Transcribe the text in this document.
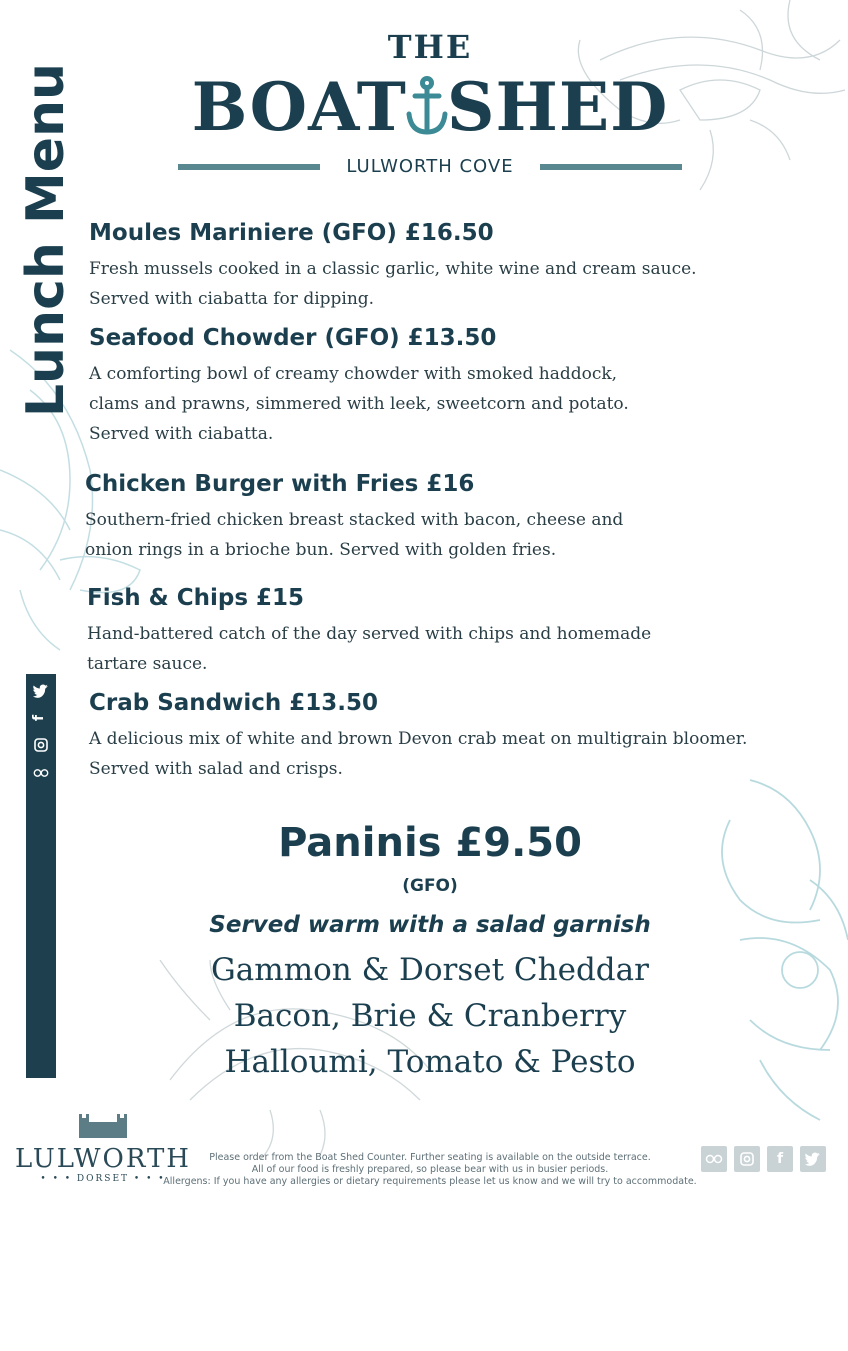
Lunch Menu
f
T: 01929 400810 W: www.lulworth.com
THE
BOAT SHED
LULWORTH COVE
Moules Mariniere (GFO) £16.50

Fresh mussels cooked in a classic garlic, white wine and cream sauce.
Served with ciabatta for dipping.

Seafood Chowder (GFO) £13.50

A comforting bowl of creamy chowder with smoked haddock,
clams and prawns, simmered with leek, sweetcorn and potato.
Served with ciabatta.

Chicken Burger with Fries £16

Southern-fried chicken breast stacked with bacon, cheese and
onion rings in a brioche bun. Served with golden fries.

Fish & Chips £15

Hand-battered catch of the day served with chips and homemade
tartare sauce.

Crab Sandwich £13.50

A delicious mix of white and brown Devon crab meat on multigrain bloomer.
Served with salad and crisps.

Paninis £9.50
(GFO)
Served warm with a salad garnish
Gammon & Dorset Cheddar
Bacon, Brie & Cranberry
Halloumi, Tomato & Pesto
LULWORTH
• • • DORSET • • •
Please order from the Boat Shed Counter. Further seating is available on the outside terrace.
All of our food is freshly prepared, so please bear with us in busier periods.
Allergens: If you have any allergies or dietary requirements please let us know and we will try to accommodate.
f
